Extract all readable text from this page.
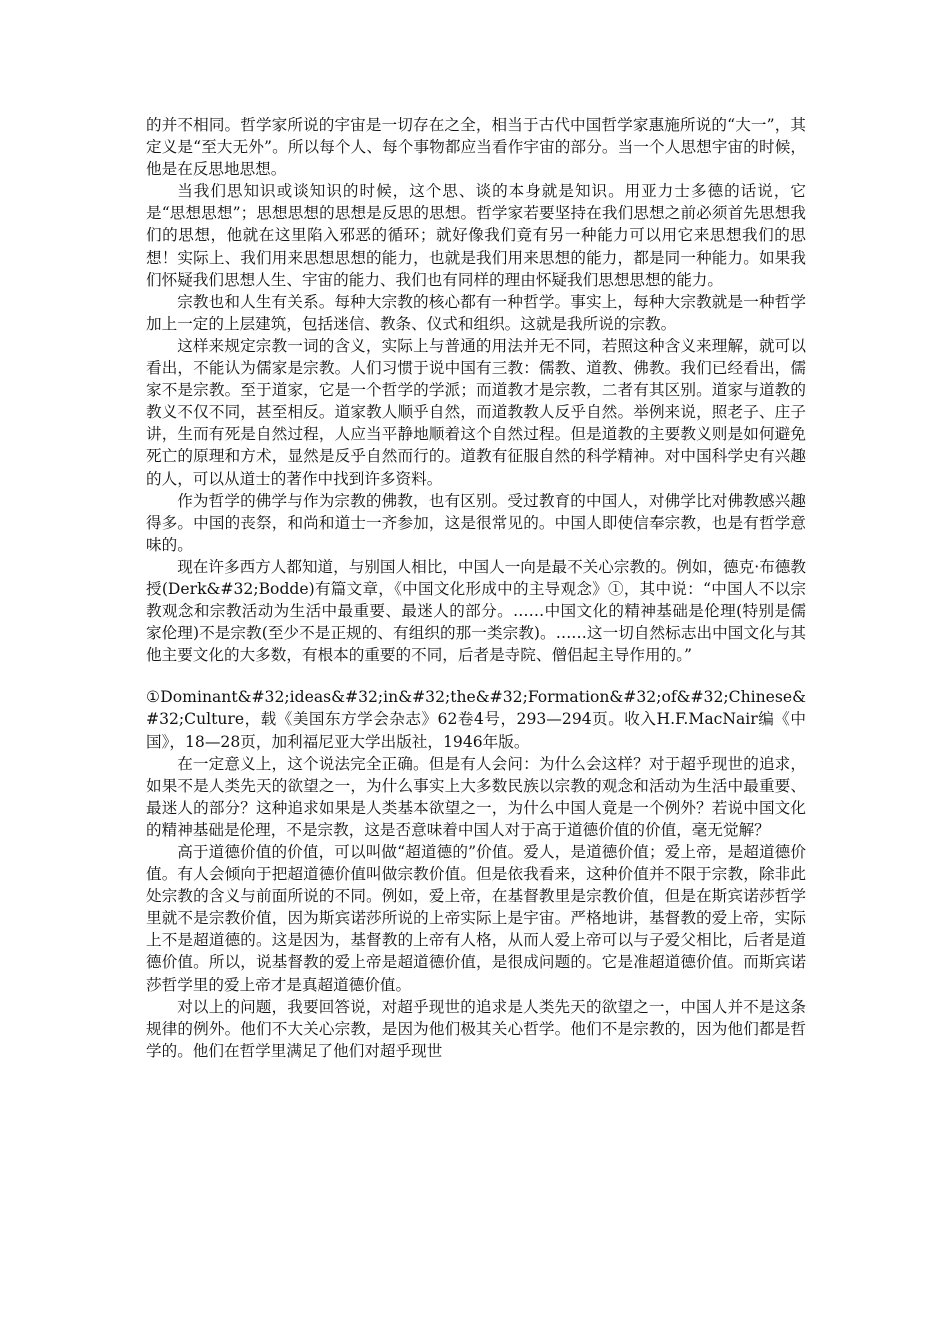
的并不相同。哲学家所说的宇宙是一切存在之全，相当于古代中国哲学家惠施所说的“大一”，其定义是“至大无外”。所以每个人、每个事物都应当看作宇宙的部分。当一个人思想宇宙的时候，他是在反思地思想。

当我们思知识或谈知识的时候，这个思、谈的本身就是知识。用亚力士多德的话说，它是“思想思想”；思想思想的思想是反思的思想。哲学家若要坚持在我们思想之前必须首先思想我们的思想，他就在这里陷入邪恶的循环；就好像我们竟有另一种能力可以用它来思想我们的思想！实际上、我们用来思想思想的能力，也就是我们用来思想的能力，都是同一种能力。如果我们怀疑我们思想人生、宇宙的能力、我们也有同样的理由怀疑我们思想思想的能力。

宗教也和人生有关系。每种大宗教的核心都有一种哲学。事实上，每种大宗教就是一种哲学加上一定的上层建筑，包括迷信、教条、仪式和组织。这就是我所说的宗教。

这样来规定宗教一词的含义，实际上与普通的用法并无不同，若照这种含义来理解，就可以看出，不能认为儒家是宗教。人们习惯于说中国有三教：儒教、道教、佛教。我们已经看出，儒家不是宗教。至于道家，它是一个哲学的学派；而道教才是宗教，二者有其区别。道家与道教的教义不仅不同，甚至相反。道家教人顺乎自然，而道教教人反乎自然。举例来说，照老子、庄子讲，生而有死是自然过程，人应当平静地顺着这个自然过程。但是道教的主要教义则是如何避免死亡的原理和方术，显然是反乎自然而行的。道教有征服自然的科学精神。对中国科学史有兴趣的人，可以从道士的著作中找到许多资料。

作为哲学的佛学与作为宗教的佛教，也有区别。受过教育的中国人，对佛学比对佛教感兴趣得多。中国的丧祭，和尚和道士一齐参加，这是很常见的。中国人即使信奉宗教，也是有哲学意味的。

现在许多西方人都知道，与别国人相比，中国人一向是最不关心宗教的。例如，德克·布德教授(Derk&#32;Bodde)有篇文章，《中国文化形成中的主导观念》①，其中说：“中国人不以宗教观念和宗教活动为生活中最重要、最迷人的部分。……中国文化的精神基础是伦理(特别是儒家伦理)不是宗教(至少不是正规的、有组织的那一类宗教)。……这一切自然标志出中国文化与其他主要文化的大多数，有根本的重要的不同，后者是寺院、僧侣起主导作用的。”

①Dominant&#32;ideas&#32;in&#32;the&#32;Formation&#32;of&#32;Chinese&#32;Culture，载《美国东方学会杂志》62卷4号，293—294页。收入H.F.MacNair编《中国》，18—28页，加利福尼亚大学出版社，1946年版。

在一定意义上，这个说法完全正确。但是有人会问：为什么会这样？对于超乎现世的追求，如果不是人类先天的欲望之一，为什么事实上大多数民族以宗教的观念和活动为生活中最重要、最迷人的部分？这种追求如果是人类基本欲望之一，为什么中国人竟是一个例外？若说中国文化的精神基础是伦理，不是宗教，这是否意味着中国人对于高于道德价值的价值，毫无觉解？

高于道德价值的价值，可以叫做“超道德的”价值。爱人，是道德价值；爱上帝，是超道德价值。有人会倾向于把超道德价值叫做宗教价值。但是依我看来，这种价值并不限于宗教，除非此处宗教的含义与前面所说的不同。例如，爱上帝，在基督教里是宗教价值，但是在斯宾诺莎哲学里就不是宗教价值，因为斯宾诺莎所说的上帝实际上是宇宙。严格地讲，基督教的爱上帝，实际上不是超道德的。这是因为，基督教的上帝有人格，从而人爱上帝可以与子爱父相比，后者是道德价值。所以，说基督教的爱上帝是超道德价值，是很成问题的。它是准超道德价值。而斯宾诺莎哲学里的爱上帝才是真超道德价值。

对以上的问题，我要回答说，对超乎现世的追求是人类先天的欲望之一，中国人并不是这条规律的例外。他们不大关心宗教，是因为他们极其关心哲学。他们不是宗教的，因为他们都是哲学的。他们在哲学里满足了他们对超乎现世
